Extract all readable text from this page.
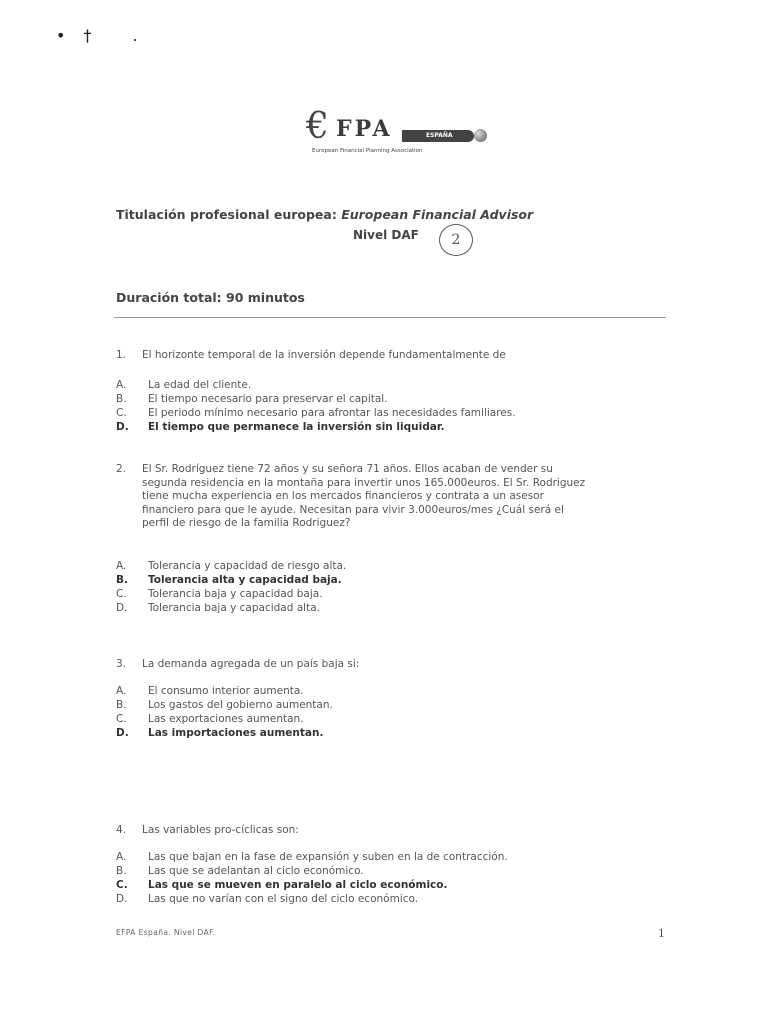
•† .
€ FPA	ESPAÑA
European Financial Planning Association
Titulación profesional europea: European Financial Advisor
Nivel DAF	2
Duración total: 90 minutos
1. El horizonte temporal de la inversión depende fundamentalmente de
A. La edad del cliente.
B. El tiempo necesario para preservar el capital.
C. El periodo mínimo necesario para afrontar las necesidades familiares.
D. El tiempo que permanece la inversión sin liquidar.
2. El Sr. Rodríguez tiene 72 años y su señora 71 años. Ellos acaban de vender su
segunda residencia en la montaña para invertir unos 165.000euros. El Sr. Rodriguez
tiene mucha experiencia en los mercados financieros y contrata a un asesor
financiero para que le ayude. Necesitan para vivir 3.000euros/mes ¿Cuál será el
perfil de riesgo de la familia Rodriguez?
A. Tolerancia y capacidad de riesgo alta.
B. Tolerancia alta y capacidad baja.
C. Tolerancia baja y capacidad baja.
D. Tolerancia baja y capacidad alta.
3. La demanda agregada de un país baja si:
A. El consumo interior aumenta.
B. Los gastos del gobierno aumentan.
C. Las exportaciones aumentan.
D. Las importaciones aumentan.
4. Las variables pro-cíclicas son:
A. Las que bajan en la fase de expansión y suben en la de contracción.
B. Las que se adelantan al ciclo económico.
C. Las que se mueven en paralelo al ciclo económico.
D. Las que no varían con el signo del ciclo económico.
EFPA España. Nivel DAF.	1
